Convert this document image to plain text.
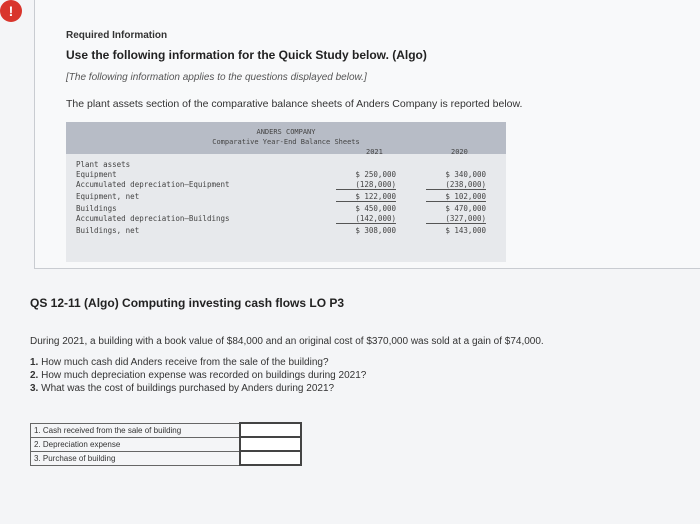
!
Required Information
Use the following information for the Quick Study below. (Algo)
[The following information applies to the questions displayed below.]
The plant assets section of the comparative balance sheets of Anders Company is reported below.
ANDERS COMPANY
Comparative Year-End Balance Sheets
2021	2020
Plant assets
Equipment	$ 250,000	$ 340,000
Accumulated depreciation—Equipment	(128,000)	(238,000)
Equipment, net	$ 122,000	$ 102,000
Buildings	$ 450,000	$ 470,000
Accumulated depreciation—Buildings	(142,000)	(327,000)
Buildings, net	$ 308,000	$ 143,000
QS 12-11 (Algo) Computing investing cash flows LO P3
During 2021, a building with a book value of $84,000 and an original cost of $370,000 was sold at a gain of $74,000.
1. How much cash did Anders receive from the sale of the building?
2. How much depreciation expense was recorded on buildings during 2021?
3. What was the cost of buildings purchased by Anders during 2021?
1. Cash received from the sale of building	
2. Depreciation expense	
3. Purchase of building	
